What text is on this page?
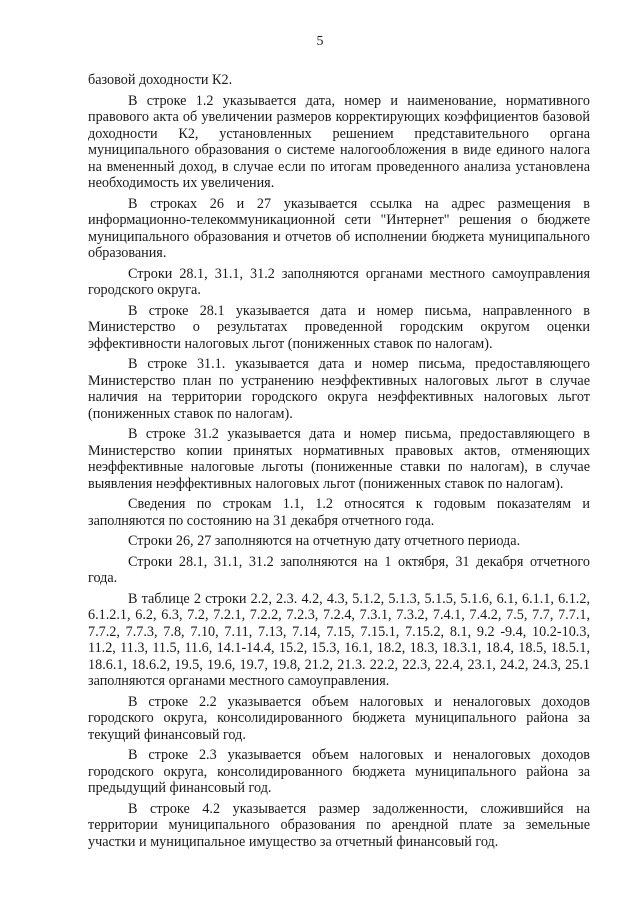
5

базовой доходности К2.

В строке 1.2 указывается дата, номер и наименование, нормативного правового акта об увеличении размеров корректирующих коэффициентов базовой доходности К2, установленных решением представительного органа муниципального образования о системе налогообложения в виде единого налога на вмененный доход, в случае если по итогам проведенного анализа установлена необходимость их увеличения.

В строках 26 и 27 указывается ссылка на адрес размещения в информационно-телекоммуникационной сети "Интернет" решения о бюджете муниципального образования и отчетов об исполнении бюджета муниципального образования.

Строки 28.1, 31.1, 31.2 заполняются органами местного самоуправления городского округа.

В строке 28.1 указывается дата и номер письма, направленного в Министерство о результатах проведенной городским округом оценки эффективности налоговых льгот (пониженных ставок по налогам).

В строке 31.1. указывается дата и номер письма, предоставляющего Министерство план по устранению неэффективных налоговых льгот в случае наличия на территории городского округа неэффективных налоговых льгот (пониженных ставок по налогам).

В строке 31.2 указывается дата и номер письма, предоставляющего в Министерство копии принятых нормативных правовых актов, отменяющих неэффективные налоговые льготы (пониженные ставки по налогам), в случае выявления неэффективных налоговых льгот (пониженных ставок по налогам).

Сведения по строкам 1.1, 1.2 относятся к годовым показателям и заполняются по состоянию на 31 декабря отчетного года.

Строки 26, 27 заполняются на отчетную дату отчетного периода.

Строки 28.1, 31.1, 31.2 заполняются на 1 октября, 31 декабря отчетного года.

В таблице 2 строки 2.2, 2.3. 4.2, 4.3, 5.1.2, 5.1.3, 5.1.5, 5.1.6, 6.1, 6.1.1, 6.1.2, 6.1.2.1, 6.2, 6.3, 7.2, 7.2.1, 7.2.2, 7.2.3, 7.2.4, 7.3.1, 7.3.2, 7.4.1, 7.4.2, 7.5, 7.7, 7.7.1, 7.7.2, 7.7.3, 7.8, 7.10, 7.11, 7.13, 7.14, 7.15, 7.15.1, 7.15.2, 8.1, 9.2 -9.4, 10.2-10.3, 11.2, 11.3, 11.5, 11.6, 14.1-14.4, 15.2, 15.3, 16.1, 18.2, 18.3, 18.3.1, 18.4, 18.5, 18.5.1, 18.6.1, 18.6.2, 19.5, 19.6, 19.7, 19.8, 21.2, 21.3. 22.2, 22.3, 22.4, 23.1, 24.2, 24.3, 25.1 заполняются органами местного самоуправления.

В строке 2.2 указывается объем налоговых и неналоговых доходов городского округа, консолидированного бюджета муниципального района за текущий финансовый год.

В строке 2.3 указывается объем налоговых и неналоговых доходов городского округа, консолидированного бюджета муниципального района за предыдущий финансовый год.

В строке 4.2 указывается размер задолженности, сложившийся на территории муниципального образования по арендной плате за земельные участки и муниципальное имущество за отчетный финансовый год.
